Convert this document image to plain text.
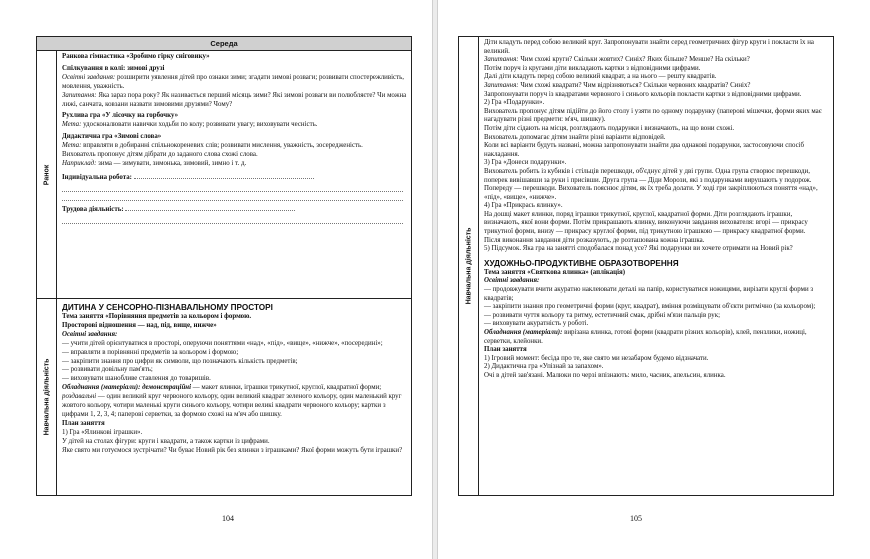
Середа
Ранок
Ранкова гімнастика «Зробимо гірку сніговику»
Спілкування в колі: зимові друзі
Освітні завдання: розширити уявлення дітей про ознаки зими; згадати зимові розваги; розвивати спостережливість, мовлення, уважність.
Запитання: Яка зараз пора року? Як називається перший місяць зими? Які зимові розваги ви полюбляєте? Чи можна лижі, санчата, ковзани назвати зимовими друзями? Чому?
Рухлива гра «У лісочку на горбочку»
Мета: удосконалювати навички ходьби по колу; розвивати увагу; виховувати чесність.
Дидактична гра «Зимові слова»
Мета: вправляти в добиранні спільнокореневих слів; розвивати мислення, уважність, зосередженість.
Вихователь пропонує дітям дібрати до заданого слова схожі слова.
Наприклад: зима — зимувати, зимонька, зимовий, зимно і т. д.
Індивідуальна робота:
Трудова діяльність:
Навчальна діяльність
ДИТИНА У СЕНСОРНО-ПІЗНАВАЛЬНОМУ ПРОСТОРІ
Тема заняття «Порівняння предметів за кольором і формою.
Просторові відношення — над, під, вище, нижче»
Освітні завдання:
— учити дітей орієнтуватися в просторі, оперуючи поняттями «над», «під», «вище», «нижче», «посередині»;
— вправляти в порівнянні предметів за кольором і формою;
— закріпити знання про цифри як символи, що позначають кількість предметів;
— розвивати довільну пам'ять;
— виховувати шанобливе ставлення до товаришів.
Обладнання (матеріали): демонстраційні — макет ялинки, іграшки трикутної, круглої, квадратної форми; роздавальні — один великий круг червоного кольору, один великий квадрат зеленого кольору, один маленький круг жовтого кольору, чотири маленькі круги синього кольору, чотири великі квадрати червоного кольору; картки з цифрами 1, 2, 3, 4; паперові серветки, за формою схожі на м'яч або шишку.
План заняття
1) Гра «Ялинкові іграшки».
У дітей на столах фігури: круги і квадрати, а також картки із цифрами.
Яке свято ми готуємося зустрічати? Чи буває Новий рік без ялинки з іграшками? Якої форми можуть бути іграшки?
104
Навчальна діяльність
Діти кладуть перед собою великий круг. Запропонувати знайти серед геометричних фігур круги і покласти їх на великий.
Запитання: Чим схожі круги? Скільки жовтих? Синіх? Яких більше? Менше? На скільки?
Потім поруч із кругами діти викладають картки з відповідними цифрами.
Далі діти кладуть перед собою великий квадрат, а на нього — решту квадратів.
Запитання: Чим схожі квадрати? Чим відрізняються? Скільки червоних квадратів? Синіх?
Запропонувати поруч із квадратами червоного і синього кольорів покласти картки з відповідними цифрами.
2) Гра «Подарунки».
Вихователь пропонує дітям підійти до його столу і узяти по одному подарунку (паперові мішечки, форми яких має нагадувати різні предмети: м'яч, шишку).
Потім діти сідають на місця, розглядають подарунки і визначають, на що вони схожі.
Вихователь допомагає дітям знайти різні варіанти відповідей.
Коли всі варіанти будуть названі, можна запропонувати знайти два однакові подарунки, застосовуючи спосіб накладання.
3) Гра «Донеси подарунки».
Вихователь робить із кубиків і стільців перешкоди, об'єднує дітей у дві групи. Одна група створює перешкоди, поперек вивішавши за руки і присівши. Друга група — Діди Морози, які з подарунками вирушають у подорож. Попереду — перешкоди. Вихователь пояснює дітям, як їх треба долати. У ході гри закріплюються поняття «над», «під», «вище», «нижче».
4) Гра «Прикрась ялинку».
На дошці макет ялинки, поряд іграшки трикутної, круглої, квадратної форми. Діти розглядають іграшки, визначають, якої вони форми. Потім прикрашають ялинку, виконуючи завдання вихователя: вгорі — прикрасу трикутної форми, внизу — прикрасу круглої форми, під трикутною іграшкою — прикрасу квадратної форми.
Після виконання завдання діти розказують, де розташована кожна іграшка.
5) Підсумок. Яка гра на занятті сподобалася понад усе? Які подарунки ви хочете отримати на Новий рік?
ХУДОЖНЬО-ПРОДУКТИВНЕ ОБРАЗОТВОРЕННЯ
Тема заняття «Святкова ялинка» (аплікація)
Освітні завдання:
— продовжувати вчити акуратно наклеювати деталі на папір, користуватися ножицями, вирізати круглі форми з квадратів;
— закріпити знання про геометричні форми (круг, квадрат), вміння розміщувати об'єкти ритмічно (за кольором);
— розвивати чуття кольору та ритму, естетичний смак, дрібні м'язи пальців рук;
— виховувати акуратність у роботі.
Обладнання (матеріали): вирізана ялинка, готові форми (квадрати різних кольорів), клей, пензлики, ножиці, серветки, клейонки.
План заняття
1) Ігровий момент: бесіда про те, яке свято ми незабаром будемо відзначати.
2) Дидактична гра «Упізнай за запахом».
Очі в дітей зав'язані. Малюки по черзі впізнають: мило, часник, апельсин, ялинка.
105
